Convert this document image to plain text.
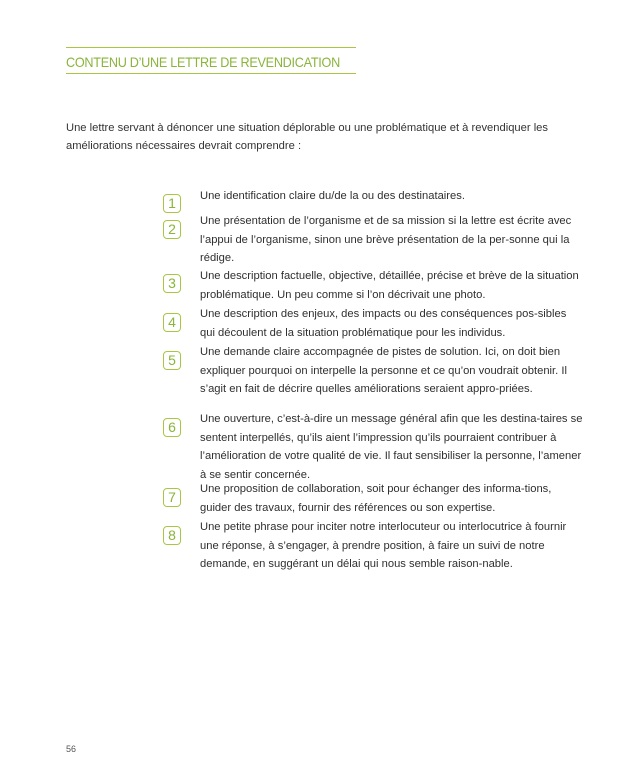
CONTENU D’UNE LETTRE DE REVENDICATION
Une lettre servant à dénoncer une situation déplorable ou une problématique et à revendiquer les améliorations nécessaires devrait comprendre :
1	Une identification claire du/de la ou des destinataires.
2	Une présentation de l’organisme et de sa mission si la lettre est écrite avec l’appui de l’organisme, sinon une brève présentation de la per-sonne qui la rédige.
3	Une description factuelle, objective, détaillée, précise et brève de la situation problématique. Un peu comme si l’on décrivait une photo.
4	Une description des enjeux, des impacts ou des conséquences pos-sibles qui découlent de la situation problématique pour les individus.
5	Une demande claire accompagnée de pistes de solution. Ici, on doit bien expliquer pourquoi on interpelle la personne et ce qu’on voudrait obtenir. Il s’agit en fait de décrire quelles améliorations seraient appro-priées.
6	Une ouverture, c’est-à-dire un message général afin que les destina-taires se sentent interpellés, qu’ils aient l’impression qu’ils pourraient contribuer à l’amélioration de votre qualité de vie. Il faut sensibiliser la personne, l’amener à se sentir concernée.
7	Une proposition de collaboration, soit pour échanger des informa-tions, guider des travaux, fournir des références ou son expertise.
8	Une petite phrase pour inciter notre interlocuteur ou interlocutrice à fournir une réponse, à s’engager, à prendre position, à faire un suivi de notre demande, en suggérant un délai qui nous semble raison-nable.
56
